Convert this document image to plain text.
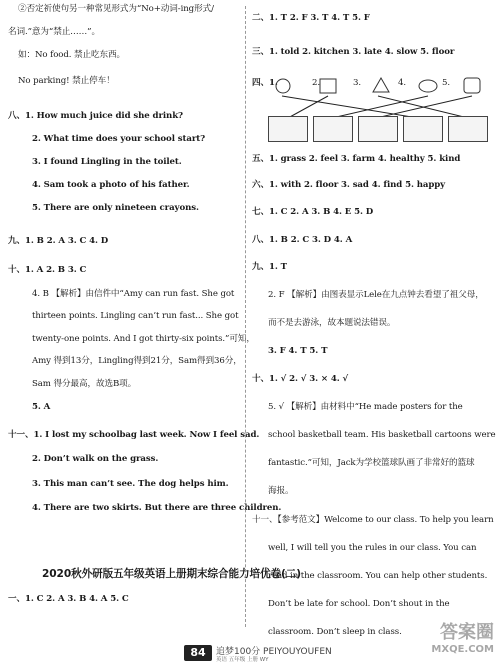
②否定祈使句另一种常见形式为“No+动词-ing形式/
名词.”意为“禁止……”。
如：No food. 禁止吃东西。
No parking! 禁止停车！
八、1. How much juice did she drink?
2. What time does your school start?
3. I found Lingling in the toilet.
4. Sam took a photo of his father.
5. There are only nineteen crayons.
九、1. B 2. A 3. C 4. D
十、1. A 2. B 3. C
4. B 【解析】由信件中“Amy can run fast. She got
thirteen points. Lingling can’t run fast... She got
twenty-one points. And I got thirty-six points.”可知，
Amy 得到13分，Lingling得到21分，Sam得到36分，
Sam 得分最高，故选B项。
5. A
十一、1. I lost my schoolbag last week. Now I feel sad.
2. Don’t walk on the grass.
3. This man can’t see. The dog helps him.
4. There are two skirts. But there are three children.
2020秋外研版五年级英语上册期末综合能力培优卷(二)
一、1. C 2. A 3. B 4. A 5. C
二、1. T 2. F 3. T 4. T 5. F
三、1. told 2. kitchen 3. late 4. slow 5. floor
四、1.	2.	3.	4.	5.
五、1. grass 2. feel 3. farm 4. healthy 5. kind
六、1. with 2. floor 3. sad 4. find 5. happy
七、1. C 2. A 3. B 4. E 5. D
八、1. B 2. C 3. D 4. A
九、1. T
2. F 【解析】由图表显示Lele在九点钟去看望了祖父母，
而不是去游泳，故本题说法错误。
3. F 4. T 5. T
十、1. √ 2. √ 3. × 4. √
5. √ 【解析】由材料中“He made posters for the
school basketball team. His basketball cartoons were
fantastic.”可知，Jack为学校篮球队画了非常好的篮球
海报。
十一、【参考范文】Welcome to our class. To help you learn
well, I will tell you the rules in our class. You can
read in the classroom. You can help other students.
Don’t be late for school. Don’t shout in the
classroom. Don’t sleep in class.
84	追梦100分 PEIYOUYOUFEN
英语 五年级 上册 WY
答案圈
MXQE.COM
